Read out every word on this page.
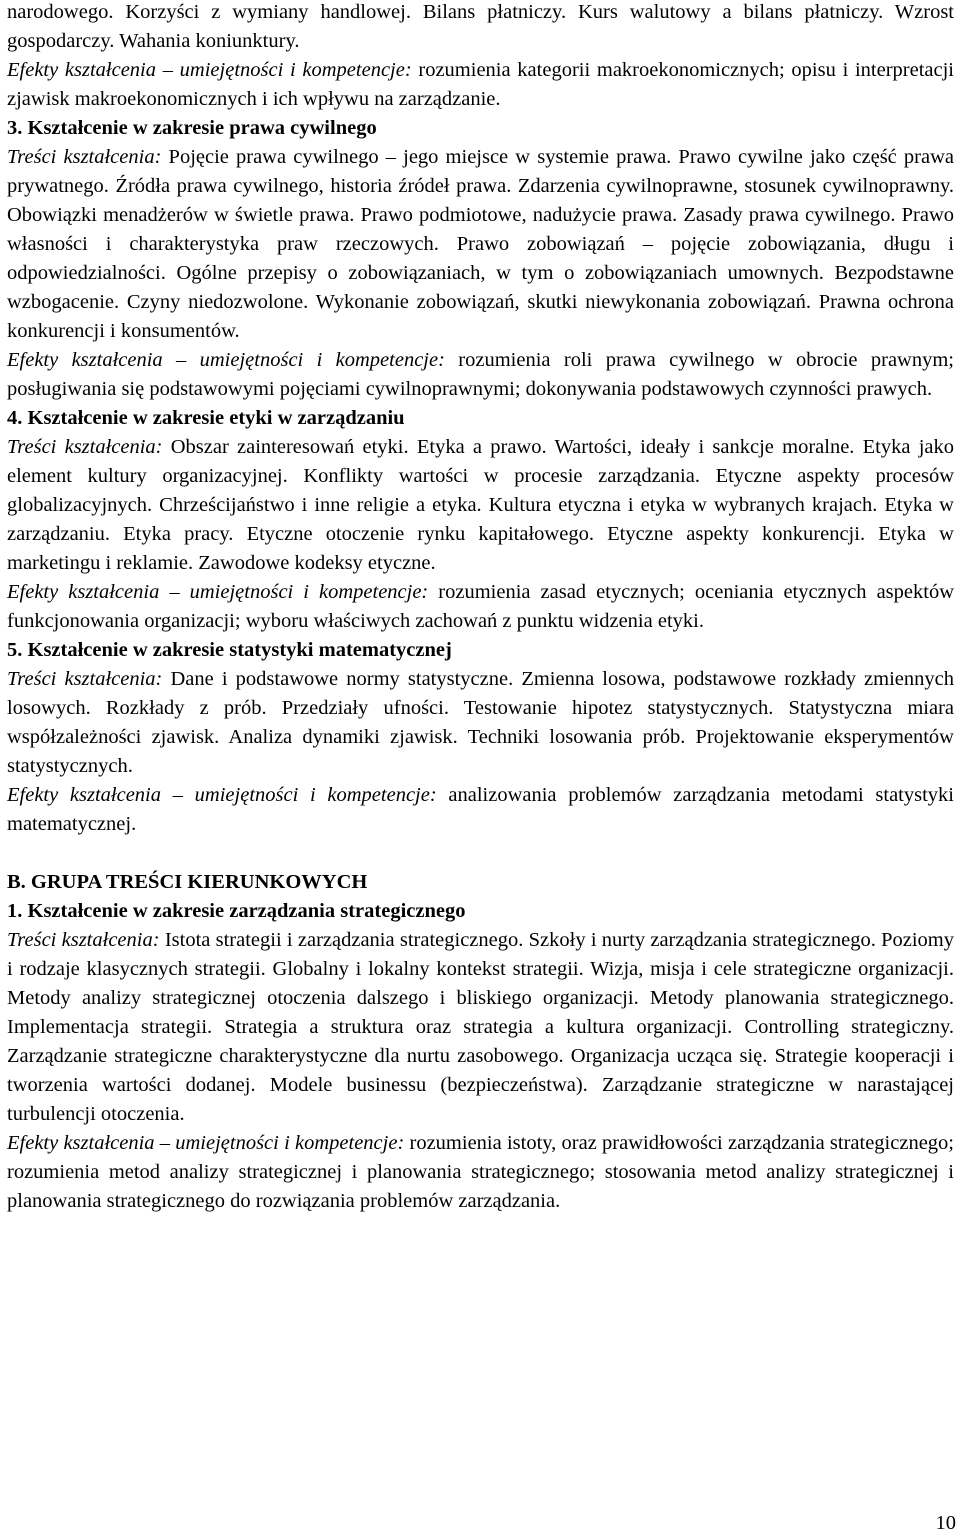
narodowego. Korzyści z wymiany handlowej. Bilans płatniczy. Kurs walutowy a bilans płatniczy. Wzrost gospodarczy. Wahania koniunktury.

Efekty kształcenia – umiejętności i kompetencje: rozumienia kategorii makroekonomicznych; opisu i interpretacji zjawisk makroekonomicznych i ich wpływu na zarządzanie.

3. Kształcenie w zakresie prawa cywilnego

Treści kształcenia: Pojęcie prawa cywilnego – jego miejsce w systemie prawa. Prawo cywilne jako część prawa prywatnego. Źródła prawa cywilnego, historia źródeł prawa. Zdarzenia cywilnoprawne, stosunek cywilnoprawny. Obowiązki menadżerów w świetle prawa. Prawo podmiotowe, nadużycie prawa. Zasady prawa cywilnego. Prawo własności i charakterystyka praw rzeczowych. Prawo zobowiązań – pojęcie zobowiązania, długu i odpowiedzialności. Ogólne przepisy o zobowiązaniach, w tym o zobowiązaniach umownych. Bezpodstawne wzbogacenie. Czyny niedozwolone. Wykonanie zobowiązań, skutki niewykonania zobowiązań. Prawna ochrona konkurencji i konsumentów.

Efekty kształcenia – umiejętności i kompetencje: rozumienia roli prawa cywilnego w obrocie prawnym; posługiwania się podstawowymi pojęciami cywilnoprawnymi; dokonywania podstawowych czynności prawych.

4. Kształcenie w zakresie etyki w zarządzaniu

Treści kształcenia: Obszar zainteresowań etyki. Etyka a prawo. Wartości, ideały i sankcje moralne. Etyka jako element kultury organizacyjnej. Konflikty wartości w procesie zarządzania. Etyczne aspekty procesów globalizacyjnych. Chrześcijaństwo i inne religie a etyka. Kultura etyczna i etyka w wybranych krajach. Etyka w zarządzaniu. Etyka pracy. Etyczne otoczenie rynku kapitałowego. Etyczne aspekty konkurencji. Etyka w marketingu i reklamie. Zawodowe kodeksy etyczne.

Efekty kształcenia – umiejętności i kompetencje: rozumienia zasad etycznych; oceniania etycznych aspektów funkcjonowania organizacji; wyboru właściwych zachowań z punktu widzenia etyki.

5. Kształcenie w zakresie statystyki matematycznej

Treści kształcenia: Dane i podstawowe normy statystyczne. Zmienna losowa, podstawowe rozkłady zmiennych losowych. Rozkłady z prób. Przedziały ufności. Testowanie hipotez statystycznych. Statystyczna miara współzależności zjawisk. Analiza dynamiki zjawisk. Techniki losowania prób. Projektowanie eksperymentów statystycznych.

Efekty kształcenia – umiejętności i kompetencje: analizowania problemów zarządzania metodami statystyki matematycznej.

B. GRUPA TREŚCI KIERUNKOWYCH

1. Kształcenie w zakresie zarządzania strategicznego

Treści kształcenia: Istota strategii i zarządzania strategicznego. Szkoły i nurty zarządzania strategicznego. Poziomy i rodzaje klasycznych strategii. Globalny i lokalny kontekst strategii. Wizja, misja i cele strategiczne organizacji. Metody analizy strategicznej otoczenia dalszego i bliskiego organizacji. Metody planowania strategicznego. Implementacja strategii. Strategia a struktura oraz strategia a kultura organizacji. Controlling strategiczny. Zarządzanie strategiczne charakterystyczne dla nurtu zasobowego. Organizacja ucząca się. Strategie kooperacji i tworzenia wartości dodanej. Modele businessu (bezpieczeństwa). Zarządzanie strategiczne w narastającej turbulencji otoczenia.

Efekty kształcenia – umiejętności i kompetencje: rozumienia istoty, oraz prawidłowości zarządzania strategicznego; rozumienia metod analizy strategicznej i planowania strategicznego; stosowania metod analizy strategicznej i planowania strategicznego do rozwiązania problemów zarządzania.

10
